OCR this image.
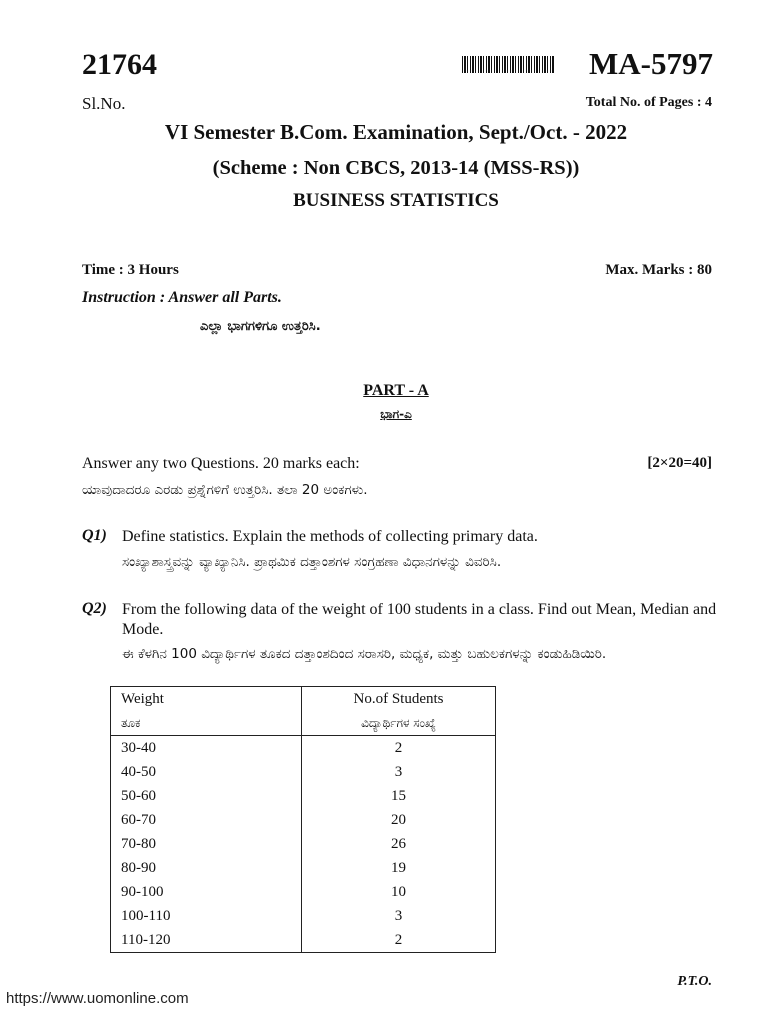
21764	MA-5797
Sl.No.	Total No. of Pages : 4
VI Semester B.Com. Examination, Sept./Oct. - 2022
(Scheme : Non CBCS, 2013-14 (MSS-RS))
BUSINESS STATISTICS
Time : 3 Hours	Max. Marks : 80
Instruction : Answer all Parts.
ಎಲ್ಲಾ ಭಾಗಗಳಿಗೂ ಉತ್ತರಿಸಿ.
PART - A
ಭಾಗ-ಎ
Answer any two Questions. 20 marks each:	[2×20=40]
ಯಾವುದಾದರೂ ಎರಡು ಪ್ರಶ್ನೆಗಳಿಗೆ ಉತ್ತರಿಸಿ. ತಲಾ 20 ಅಂಕಗಳು.
Q1) Define statistics. Explain the methods of collecting primary data.
ಸಂಖ್ಯಾಶಾಸ್ತ್ರವನ್ನು ವ್ಯಾಖ್ಯಾನಿಸಿ. ಪ್ರಾಥಮಿಕ ದತ್ತಾಂಶಗಳ ಸಂಗ್ರಹಣಾ ವಿಧಾನಗಳನ್ನು ವಿವರಿಸಿ.
Q2) From the following data of the weight of 100 students in a class. Find out Mean, Median and Mode.
ಈ ಕೆಳಗಿನ 100 ವಿದ್ಯಾರ್ಥಿಗಳ ತೂಕದ ದತ್ತಾಂಶದಿಂದ ಸರಾಸರಿ, ಮಧ್ಯಕ, ಮತ್ತು ಬಹುಲಕಗಳನ್ನು ಕಂಡುಹಿಡಿಯಿರಿ.
Weight	No.of Students
ತೂಕ	ವಿದ್ಯಾರ್ಥಿಗಳ ಸಂಖ್ಯೆ
30-40	2
40-50	3
50-60	15
60-70	20
70-80	26
80-90	19
90-100	10
100-110	3
110-120	2
P.T.O.
https://www.uomonline.com
